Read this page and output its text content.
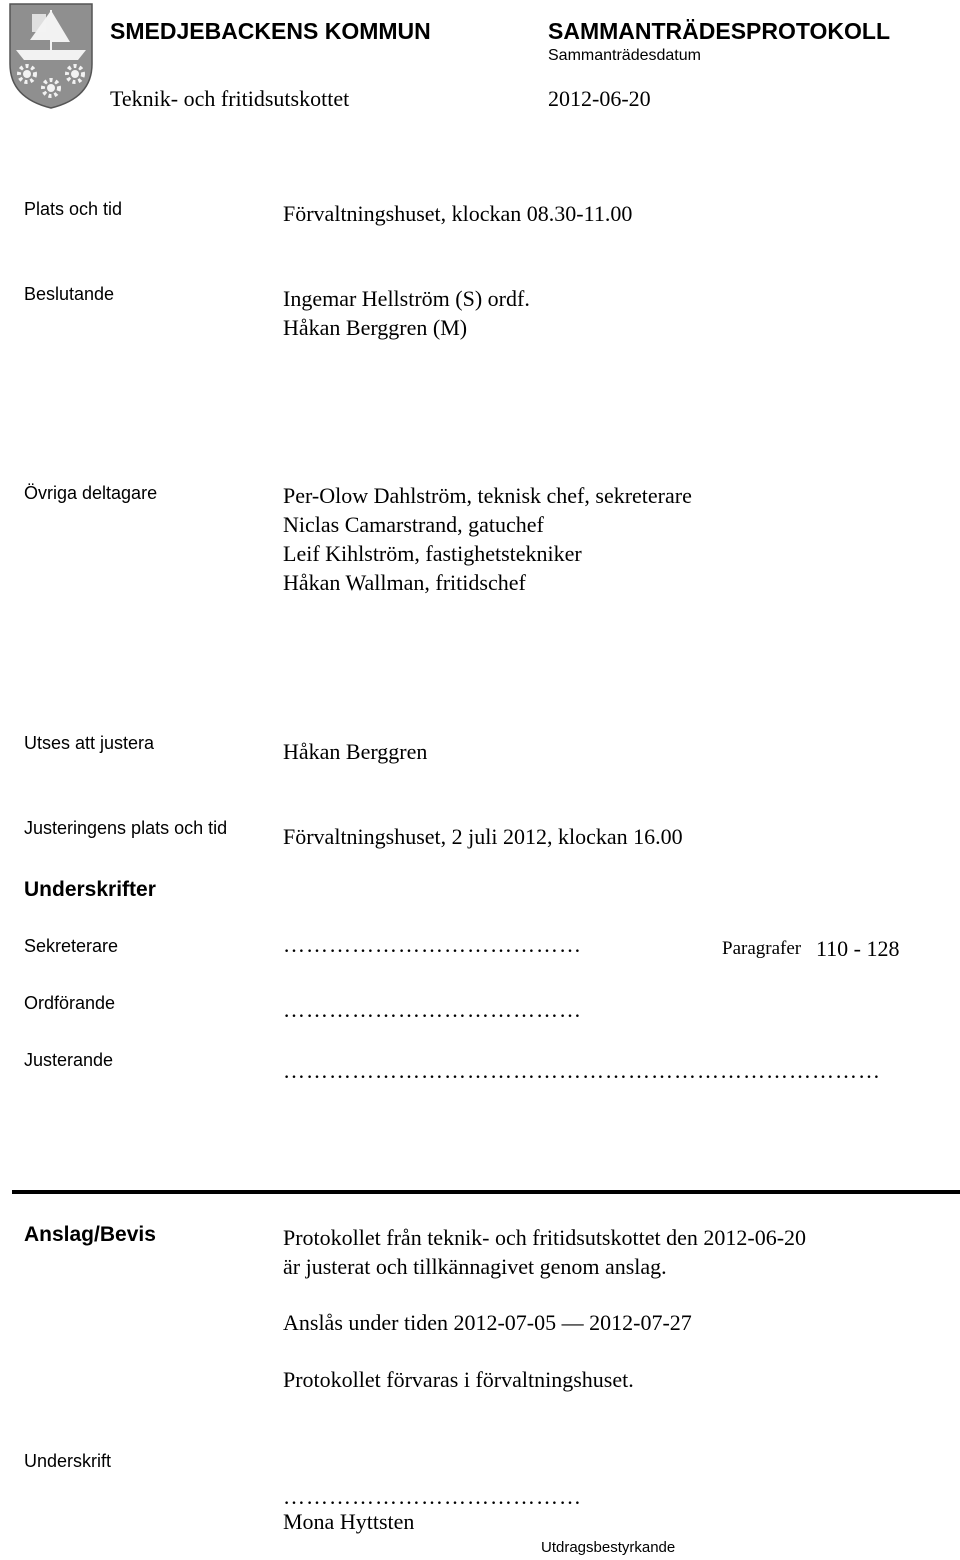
SMEDJEBACKENS KOMMUN
Teknik- och fritidsutskottet
SAMMANTRÄDESPROTOKOLL
Sammanträdesdatum
2012-06-20
Plats och tid	Förvaltningshuset, klockan 08.30-11.00
Beslutande	Ingemar Hellström (S) ordf.
Håkan Berggren (M)
Övriga deltagare	Per-Olow Dahlström, teknisk chef, sekreterare
Niclas Camarstrand, gatuchef
Leif Kihlström, fastighetstekniker
Håkan Wallman, fritidschef
Utses att justera	Håkan Berggren
Justeringens plats och tid	Förvaltningshuset, 2 juli 2012, klockan 16.00
Underskrifter
Sekreterare	…………………………………	Paragrafer 110 - 128
Ordförande	…………………………………
Justerande	……………………………………………………………………
Anslag/Bevis	Protokollet från teknik- och fritidsutskottet den 2012-06-20
är justerat och tillkännagivet genom anslag.
Anslås under tiden 2012-07-05 — 2012-07-27
Protokollet förvaras i förvaltningshuset.
Underskrift
…………………………………
Mona Hyttsten
Utdragsbestyrkande
